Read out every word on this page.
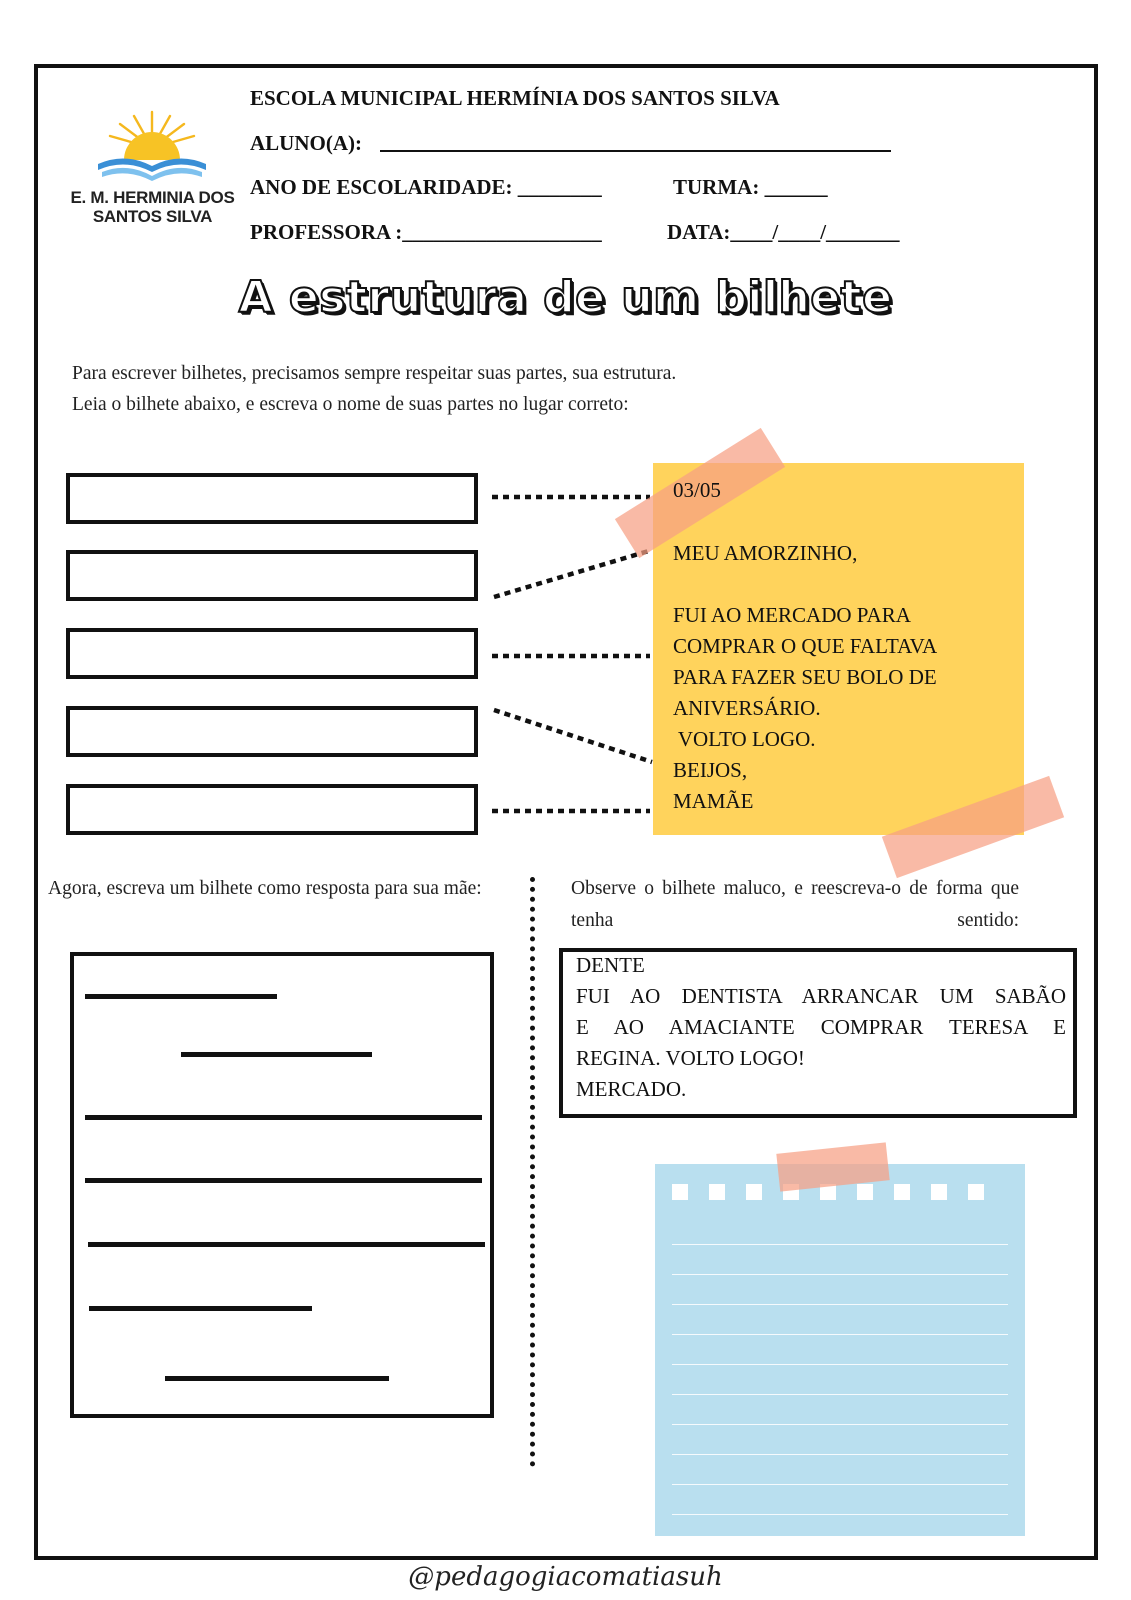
E. M. HERMINIA DOS
SANTOS SILVA
ESCOLA MUNICIPAL HERMÍNIA DOS SANTOS SILVA
ALUNO(A):
ANO DE ESCOLARIDADE: ________	TURMA: ______
PROFESSORA :___________________	DATA:____/____/_______
A estrutura de um bilhete
Para escrever bilhetes, precisamos sempre respeitar suas partes, sua estrutura.
Leia o bilhete abaixo, e escreva o nome de suas partes no lugar correto:
03/05
MEU AMORZINHO,
FUI AO MERCADO PARA
COMPRAR O QUE FALTAVA
PARA FAZER SEU BOLO DE
ANIVERSÁRIO.
VOLTO LOGO.
BEIJOS,
MAMÃE
Agora, escreva um bilhete como resposta para sua mãe:	Observe o bilhete maluco, e reescreva-o de forma que tenha sentido:

DENTE

FUI AO DENTISTA ARRANCAR UM SABÃO

E AO AMACIANTE COMPRAR TERESA E

REGINA. VOLTO LOGO!

MERCADO.

@pedagogiacomatiasuh
